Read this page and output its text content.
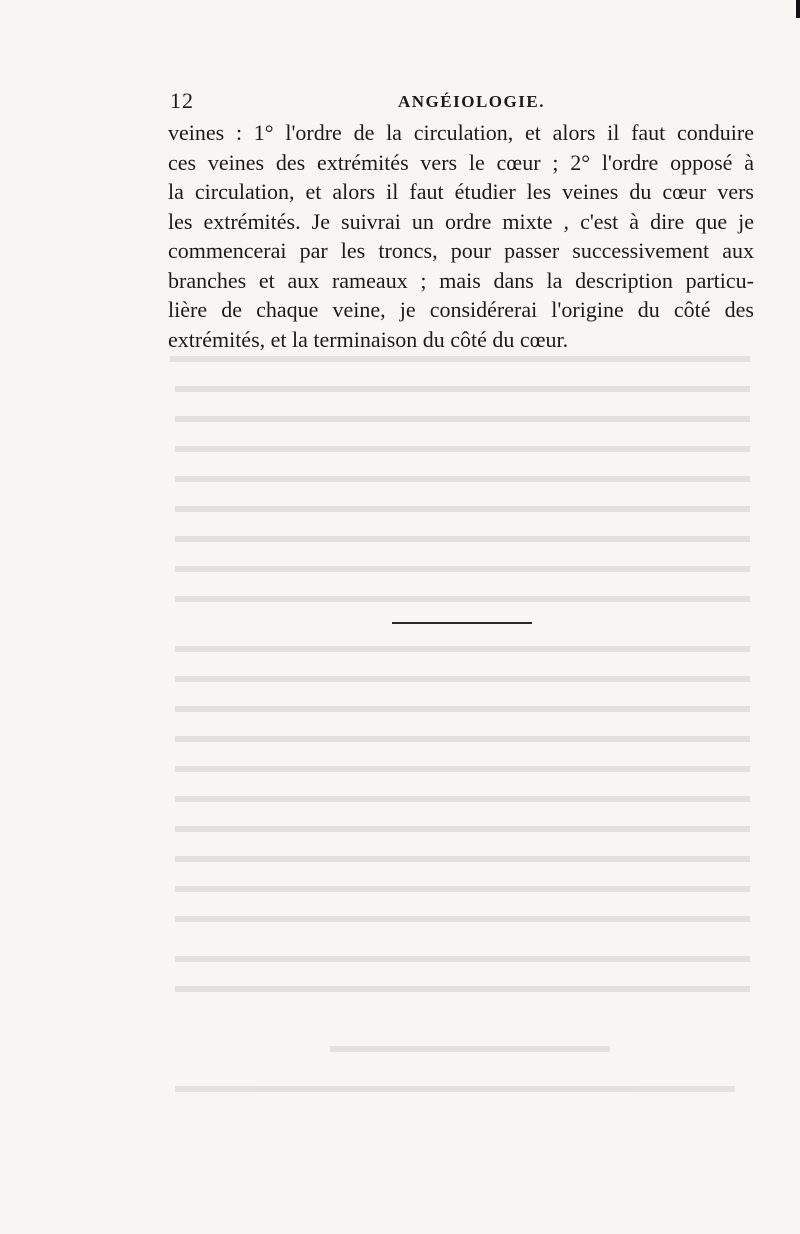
12	ANGÉIOLOGIE.
veines : 1° l'ordre de la circulation, et alors il faut conduire
ces veines des extrémités vers le cœur ; 2° l'ordre opposé à
la circulation, et alors il faut étudier les veines du cœur vers
les extrémités. Je suivrai un ordre mixte , c'est à dire que je
commencerai par les troncs, pour passer successivement aux
branches et aux rameaux ; mais dans la description particu-
lière de chaque veine, je considérerai l'origine du côté des
extrémités, et la terminaison du côté du cœur.
